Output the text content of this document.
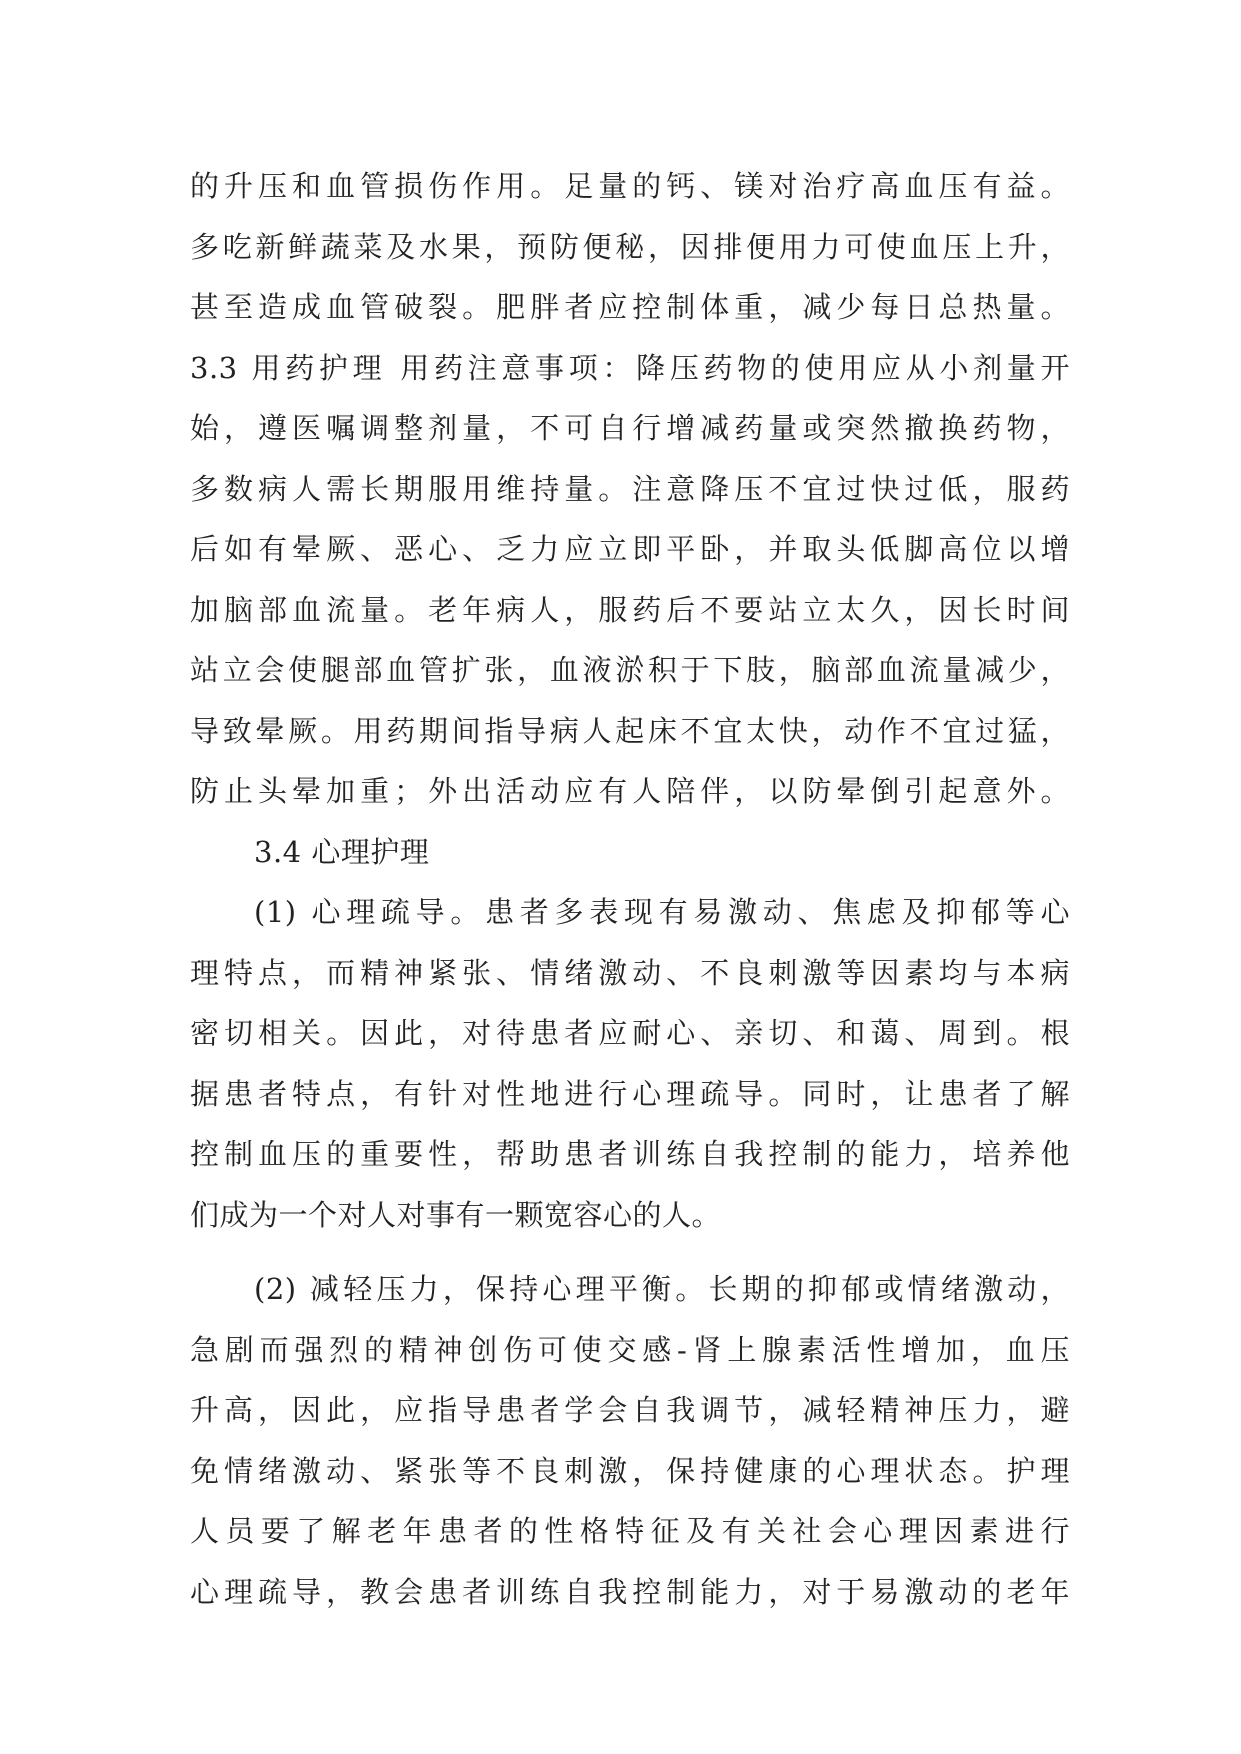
的升压和血管损伤作用。足量的钙、镁对治疗高血压有益。
多吃新鲜蔬菜及水果，预防便秘，因排便用力可使血压上升，
甚至造成血管破裂。肥胖者应控制体重，减少每日总热量。
3.3 用药护理 用药注意事项：降压药物的使用应从小剂量开
始，遵医嘱调整剂量，不可自行增减药量或突然撤换药物，
多数病人需长期服用维持量。注意降压不宜过快过低，服药
后如有晕厥、恶心、乏力应立即平卧，并取头低脚高位以增
加脑部血流量。老年病人，服药后不要站立太久，因长时间
站立会使腿部血管扩张，血液淤积于下肢，脑部血流量减少，
导致晕厥。用药期间指导病人起床不宜太快，动作不宜过猛，
防止头晕加重；外出活动应有人陪伴，以防晕倒引起意外。
3.4 心理护理
(1) 心理疏导。患者多表现有易激动、焦虑及抑郁等心
理特点，而精神紧张、情绪激动、不良刺激等因素均与本病
密切相关。因此，对待患者应耐心、亲切、和蔼、周到。根
据患者特点，有针对性地进行心理疏导。同时，让患者了解
控制血压的重要性，帮助患者训练自我控制的能力，培养他
们成为一个对人对事有一颗宽容心的人。
(2) 减轻压力，保持心理平衡。长期的抑郁或情绪激动，
急剧而强烈的精神创伤可使交感-肾上腺素活性增加，血压
升高，因此，应指导患者学会自我调节，减轻精神压力，避
免情绪激动、紧张等不良刺激，保持健康的心理状态。护理
人员要了解老年患者的性格特征及有关社会心理因素进行
心理疏导，教会患者训练自我控制能力，对于易激动的老年
